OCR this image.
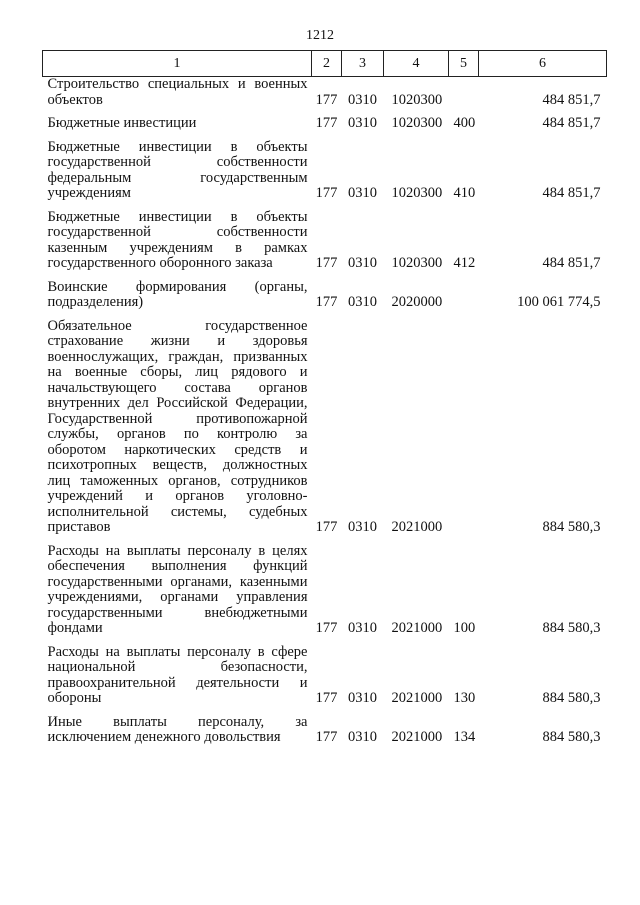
1212
1	2	3	4	5	6
Строительство специальных и военных объектов	177	0310	1020300		484 851,7
Бюджетные инвестиции	177	0310	1020300	400	484 851,7
Бюджетные инвестиции в объекты государственной собственности федеральным государственным учреждениям	177	0310	1020300	410	484 851,7
Бюджетные инвестиции в объекты государственной собственности казенным учреждениям в рамках государственного оборонного заказа	177	0310	1020300	412	484 851,7
Воинские формирования (органы, подразделения)	177	0310	2020000		100 061 774,5
Обязательное государственное страхование жизни и здоровья военнослужащих, граждан, призванных на военные сборы, лиц рядового и начальствующего состава органов внутренних дел Российской Федерации, Государственной противопожарной службы, органов по контролю за оборотом наркотических средств и психотропных веществ, должностных лиц таможенных органов, сотрудников учреждений и органов уголовно-исполнительной системы, судебных приставов	177	0310	2021000		884 580,3
Расходы на выплаты персоналу в целях обеспечения выполнения функций государственными органами, казенными учреждениями, органами управления государственными внебюджетными фондами	177	0310	2021000	100	884 580,3
Расходы на выплаты персоналу в сфере национальной безопасности, правоохранительной деятельности и обороны	177	0310	2021000	130	884 580,3
Иные выплаты персоналу, за исключением денежного довольствия	177	0310	2021000	134	884 580,3
